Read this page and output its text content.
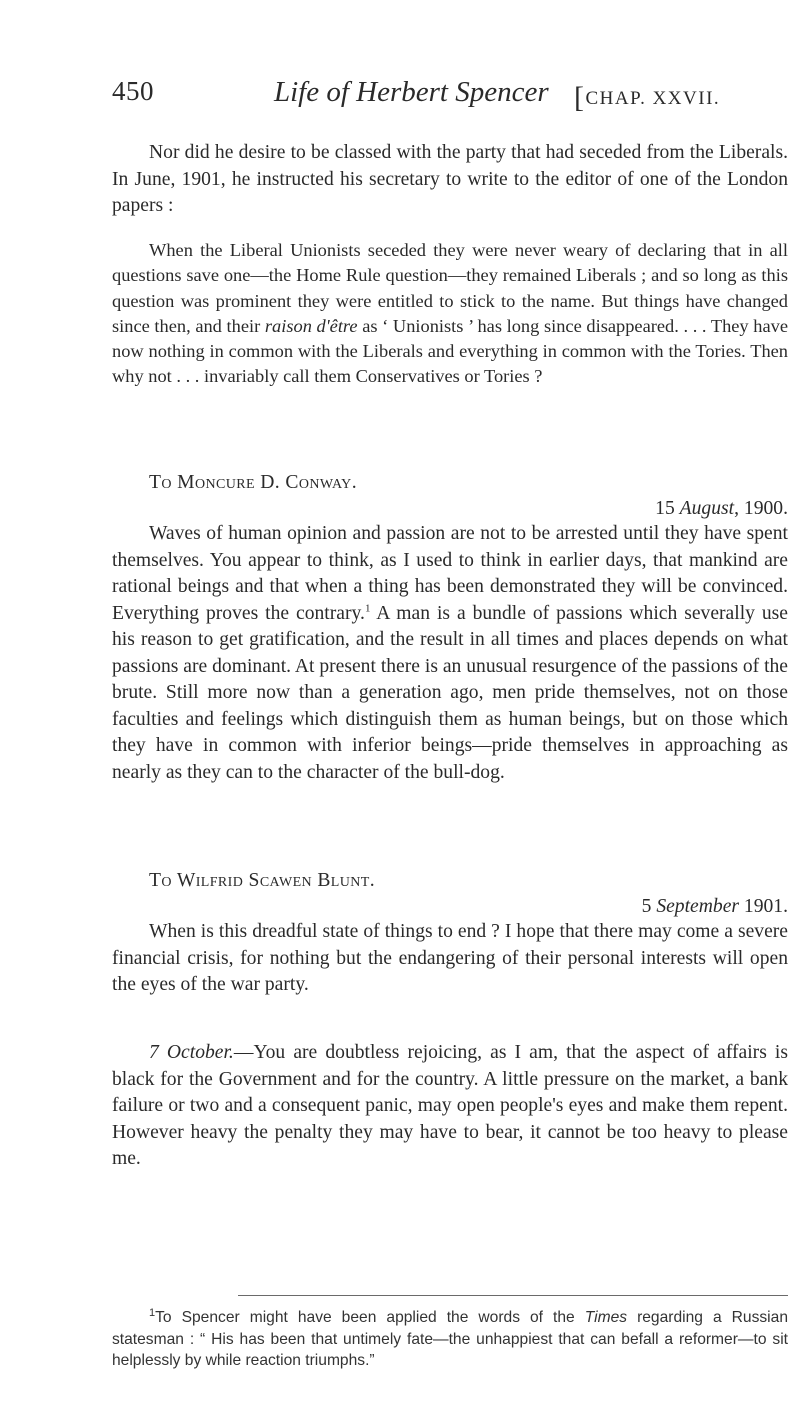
450	Life of Herbert Spencer [CHAP. XXVII.

Nor did he desire to be classed with the party that had seceded from the Liberals. In June, 1901, he instructed his secretary to write to the editor of one of the London papers :

When the Liberal Unionists seceded they were never weary of declaring that in all questions save one—the Home Rule question—they remained Liberals ; and so long as this question was prominent they were entitled to stick to the name. But things have changed since then, and their raison d'être as ‘ Unionists ’ has long since disappeared. . . . They have now nothing in common with the Liberals and everything in common with the Tories. Then why not . . . invariably call them Conservatives or Tories ?

To Moncure D. Conway.
15 August, 1900.

Waves of human opinion and passion are not to be arrested until they have spent themselves. You appear to think, as I used to think in earlier days, that mankind are rational beings and that when a thing has been demonstrated they will be convinced. Everything proves the contrary.$^1$ A man is a bundle of passions which severally use his reason to get gratification, and the result in all times and places depends on what passions are dominant. At present there is an unusual resurgence of the passions of the brute. Still more now than a generation ago, men pride themselves, not on those faculties and feelings which distinguish them as human beings, but on those which they have in common with inferior beings—pride themselves in approaching as nearly as they can to the character of the bull-dog.

To Wilfrid Scawen Blunt.
5 September 1901.

When is this dreadful state of things to end ? I hope that there may come a severe financial crisis, for nothing but the endangering of their personal interests will open the eyes of the war party.

7 October.—You are doubtless rejoicing, as I am, that the aspect of affairs is black for the Government and for the country. A little pressure on the market, a bank failure or two and a consequent panic, may open people's eyes and make them repent. However heavy the penalty they may have to bear, it cannot be too heavy to please me.

$^1$To Spencer might have been applied the words of the Times regarding a Russian statesman : “ His has been that untimely fate—the unhappiest that can befall a reformer—to sit helplessly by while reaction triumphs.”
